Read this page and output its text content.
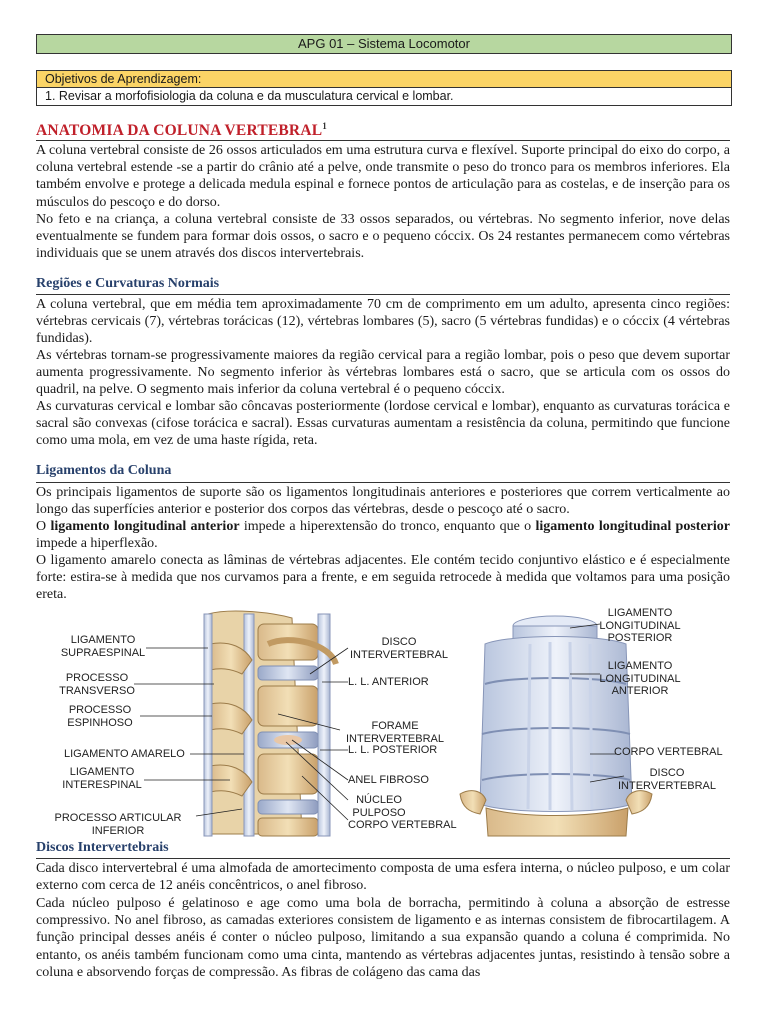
APG 01 – Sistema Locomotor
Objetivos de Aprendizagem:
1. Revisar a morfofisiologia da coluna e da musculatura cervical e lombar.
ANATOMIA DA COLUNA VERTEBRAL$^1$

A coluna vertebral consiste de 26 ossos articulados em uma estrutura curva e flexível. Suporte principal do eixo do corpo, a coluna vertebral estende -se a partir do crânio até a pelve, onde transmite o peso do tronco para os membros inferiores. Ela também envolve e protege a delicada medula espinal e fornece pontos de articulação para as costelas, e de inserção para os músculos do pescoço e do dorso.

No feto e na criança, a coluna vertebral consiste de 33 ossos separados, ou vértebras. No segmento inferior, nove delas eventualmente se fundem para formar dois ossos, o sacro e o pequeno cóccix. Os 24 restantes permanecem como vértebras individuais que se unem através dos discos intervertebrais.

Regiões e Curvaturas Normais

A coluna vertebral, que em média tem aproximadamente 70 cm de comprimento em um adulto, apresenta cinco regiões: vértebras cervicais (7), vértebras torácicas (12), vértebras lombares (5), sacro (5 vértebras fundidas) e o cóccix (4 vértebras fundidas).

As vértebras tornam-se progressivamente maiores da região cervical para a região lombar, pois o peso que devem suportar aumenta progressivamente. No segmento inferior às vértebras lombares está o sacro, que se articula com os ossos do quadril, na pelve. O segmento mais inferior da coluna vertebral é o pequeno cóccix.

As curvaturas cervical e lombar são côncavas posteriormente (lordose cervical e lombar), enquanto as curvaturas torácica e sacral são convexas (cifose torácica e sacral). Essas curvaturas aumentam a resistência da coluna, permitindo que funcione como uma mola, em vez de uma haste rígida, reta.

Ligamentos da Coluna

Os principais ligamentos de suporte são os ligamentos longitudinais anteriores e posteriores que correm verticalmente ao longo das superfícies anterior e posterior dos corpos das vértebras, desde o pescoço até o sacro.

O ligamento longitudinal anterior impede a hiperextensão do tronco, enquanto que o ligamento longitudinal posterior impede a hiperflexão.

O ligamento amarelo conecta as lâminas de vértebras adjacentes. Ele contém tecido conjuntivo elástico e é especialmente forte: estira-se à medida que nos curvamos para a frente, e em seguida retrocede à medida que voltamos para uma posição ereta.

LIGAMENTO
SUPRAESPINAL
PROCESSO
TRANSVERSO
PROCESSO
ESPINHOSO
LIGAMENTO AMARELO
LIGAMENTO
INTERESPINAL
PROCESSO ARTICULAR
INFERIOR
DISCO
INTERVERTEBRAL
L. L. ANTERIOR
FORAME
INTERVERTEBRAL
L. L. POSTERIOR
ANEL FIBROSO
NÚCLEO
PULPOSO
CORPO VERTEBRAL
LIGAMENTO
LONGITUDINAL
POSTERIOR
LIGAMENTO
LONGITUDINAL
ANTERIOR
CORPO VERTEBRAL
DISCO
INTERVERTEBRAL
Discos Intervertebrais

Cada disco intervertebral é uma almofada de amortecimento composta de uma esfera interna, o núcleo pulposo, e um colar externo com cerca de 12 anéis concêntricos, o anel fibroso.

Cada núcleo pulposo é gelatinoso e age como uma bola de borracha, permitindo à coluna a absorção de estresse compressivo. No anel fibroso, as camadas exteriores consistem de ligamento e as internas consistem de fibrocartilagem. A função principal desses anéis é conter o núcleo pulposo, limitando a sua expansão quando a coluna é comprimida. No entanto, os anéis também funcionam como uma cinta, mantendo as vértebras adjacentes juntas, resistindo à tensão sobre a coluna e absorvendo forças de compressão. As fibras de colágeno das cama das
